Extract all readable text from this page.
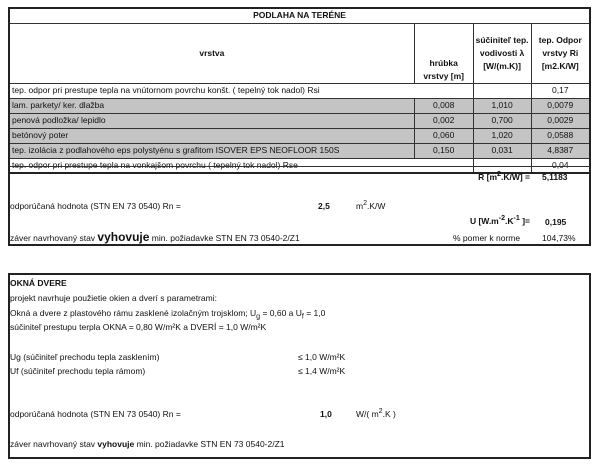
PODLAHA NA TERÉNE			
vrstva	hrúbka vrstvy [m]	súčiniteľ tep. vodivosti λ [W/(m.K)]	tep. Odpor vrstvy Ri [m2.K/W]
tep. odpor pri prestupe tepla na vnútornom povrchu konšt. ( tepelný tok nadol) Rsi			0,17
lam. parkety/ ker. dlažba	0,008	1,010	0,0079
penová podložka/ lepidlo	0,002	0,700	0,0029
betónový poter	0,060	1,020	0,0588
tep. izolácia z podlahového eps polystyénu s grafitom ISOVER EPS NEOFLOOR 150S	0,150	0,031	4,8387
tep. odpor pri prestupe tepla na vonkajšom povrchu ( tepelný tok nadol) Rse			0,04
R $[m^2.K/W] = 5,1183$
odporúčaná hodnota (STN EN 73 0540) Rn =	2,5	$m^2.K/W$
U [$W.m^{-2}.K^{-1}$ ]= 0,195
záver navrhovaný stav vyhovuje min. požiadavke STN EN 73 0540-2/Z1	% pomer k norme	104,73%
OKNÁ DVERE
projekt navrhuje použietie okien a dverí s parametrami:
Okná a dvere z plastového rámu zasklené izolačným trojsklom; $U_g = 0,60$ a $U_f = 1,0$
súčiniteľ prestupu terpla OKNA = 0,80 W/m²K a DVERÍ = 1,0 W/m²K
Ug (súčiniteľ prechodu tepla zasklením)	≤ 1,0 W/m²K
Uf (súčiniteľ prechodu tepla rámom)	≤ 1,4 W/m²K
odporúčaná hodnota (STN EN 73 0540) Rn =	1,0	W/( $m^2.K$ )
záver navrhovaný stav vyhovuje min. požiadavke STN EN 73 0540-2/Z1
